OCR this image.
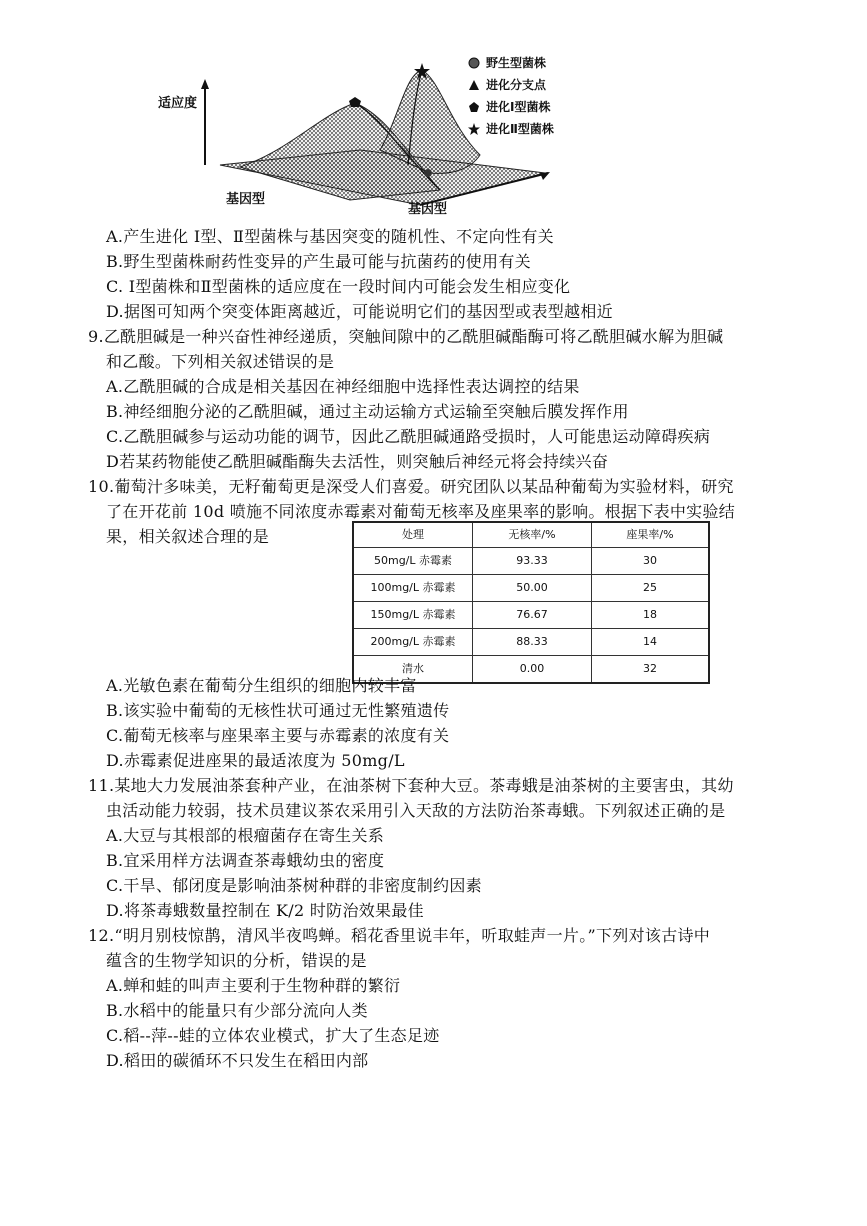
适应度
基因型
基因型
野生型菌株
进化分支点
进化Ⅰ型菌株
进化Ⅱ型菌株
A.产生进化 Ⅰ型、Ⅱ型菌株与基因突变的随机性、不定向性有关
B.野生型菌株耐药性变异的产生最可能与抗菌药的使用有关
C. Ⅰ型菌株和Ⅱ型菌株的适应度在一段时间内可能会发生相应变化
D.据图可知两个突变体距离越近，可能说明它们的基因型或表型越相近
9.乙酰胆碱是一种兴奋性神经递质，突触间隙中的乙酰胆碱酯酶可将乙酰胆碱水解为胆碱
和乙酸。下列相关叙述错误的是
A.乙酰胆碱的合成是相关基因在神经细胞中选择性表达调控的结果
B.神经细胞分泌的乙酰胆碱，通过主动运输方式运输至突触后膜发挥作用
C.乙酰胆碱参与运动功能的调节，因此乙酰胆碱通路受损时，人可能患运动障碍疾病
D若某药物能使乙酰胆碱酯酶失去活性，则突触后神经元将会持续兴奋
10.葡萄汁多味美，无籽葡萄更是深受人们喜爱。研究团队以某品种葡萄为实验材料，研究
了在开花前 10d 喷施不同浓度赤霉素对葡萄无核率及座果率的影响。根据下表中实验结
果，相关叙述合理的是	处理	无核率/%	座果率/%
50mg/L 赤霉素	93.33	30
100mg/L 赤霉素	50.00	25
150mg/L 赤霉素	76.67	18
200mg/L 赤霉素	88.33	14
清水	0.00	32
A.光敏色素在葡萄分生组织的细胞内较丰富
B.该实验中葡萄的无核性状可通过无性繁殖遗传
C.葡萄无核率与座果率主要与赤霉素的浓度有关
D.赤霉素促进座果的最适浓度为 50mg/L
11.某地大力发展油茶套种产业，在油茶树下套种大豆。茶毒蛾是油茶树的主要害虫，其幼
虫活动能力较弱，技术员建议茶农采用引入天敌的方法防治茶毒蛾。下列叙述正确的是
A.大豆与其根部的根瘤菌存在寄生关系
B.宜采用样方法调查茶毒蛾幼虫的密度
C.干旱、郁闭度是影响油茶树种群的非密度制约因素
D.将茶毒蛾数量控制在 K/2 时防治效果最佳
12.“明月别枝惊鹊，清风半夜鸣蝉。稻花香里说丰年，听取蛙声一片。”下列对该古诗中
蕴含的生物学知识的分析，错误的是
A.蝉和蛙的叫声主要利于生物种群的繁衍
B.水稻中的能量只有少部分流向人类
C.稻--萍--蛙的立体农业模式，扩大了生态足迹
D.稻田的碳循环不只发生在稻田内部
